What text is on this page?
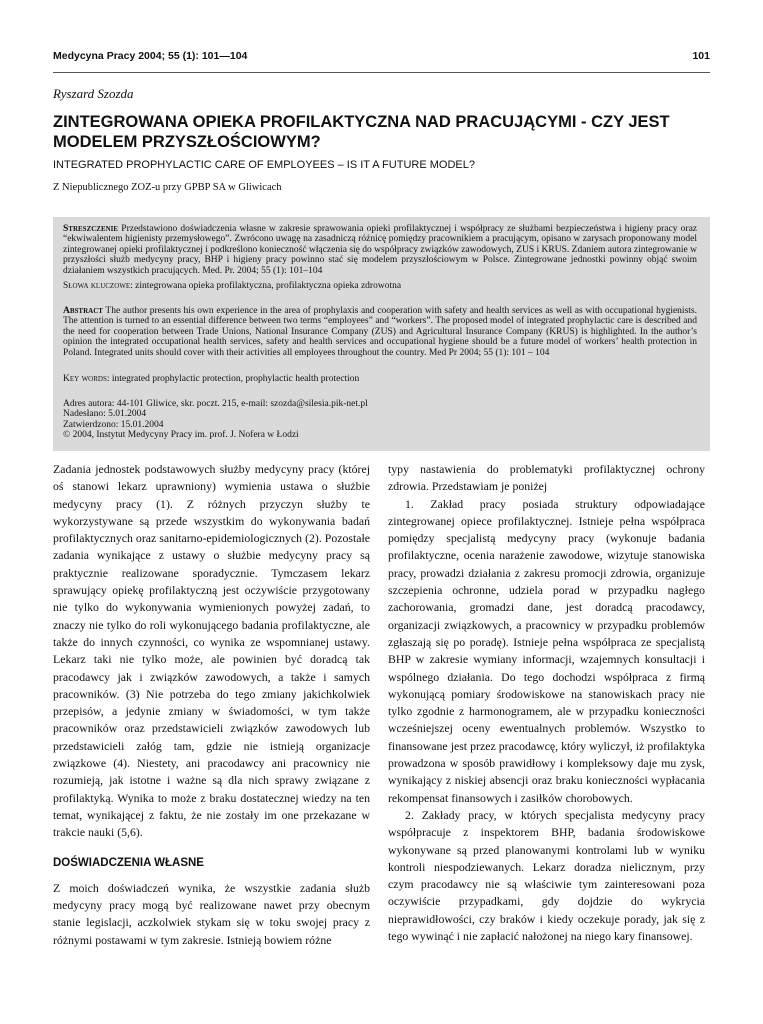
Medycyna Pracy 2004; 55 (1): 101—104	101
Ryszard Szozda
ZINTEGROWANA OPIEKA PROFILAKTYCZNA NAD PRACUJĄCYMI - CZY JEST MODELEM PRZYSZŁOŚCIOWYM?
INTEGRATED PROPHYLACTIC CARE OF EMPLOYEES – IS IT A FUTURE MODEL?
Z Niepublicznego ZOZ-u przy GPBP SA w Gliwicach

Streszczenie Przedstawiono doświadczenia własne w zakresie sprawowania opieki profilaktycznej i współpracy ze służbami bezpieczeństwa i higieny pracy oraz “ekwiwalentem higienisty przemysłowego”. Zwrócono uwagę na zasadniczą różnicę pomiędzy pracownikiem a pracującym, opisano w zarysach proponowany model zintegrowanej opieki profilaktycznej i podkreślono konieczność włączenia się do współpracy związków zawodowych, ZUS i KRUS. Zdaniem autora zintegrowanie w przyszłości służb medycyny pracy, BHP i higieny pracy powinno stać się modelem przyszłościowym w Polsce. Zintegrowane jednostki powinny objąć swoim działaniem wszystkich pracujących. Med. Pr. 2004; 55 (1): 101–104

Słowa kluczowe: zintegrowana opieka profilaktyczna, profilaktyczna opieka zdrowotna

Abstract The author presents his own experience in the area of prophylaxis and cooperation with safety and health services as well as with occupational hygienists. The attention is turned to an essential difference between two terms “employees” and “workers”. The proposed model of integrated prophylactic care is described and the need for cooperation between Trade Unions, National Insurance Company (ZUS) and Agricultural Insurance Company (KRUS) is highlighted. In the author’s opinion the integrated occupational health services, safety and health services and occupational hygiene should be a future model of workers’ health protection in Poland. Integrated units should cover with their activities all employees throughout the country. Med Pr 2004; 55 (1): 101 – 104

Key words: integrated prophylactic protection, prophylactic health protection

Adres autora: 44-101 Gliwice, skr. poczt. 215, e-mail: szozda@silesia.pik-net.pl
Nadesłano: 5.01.2004
Zatwierdzono: 15.01.2004
© 2004, Instytut Medycyny Pracy im. prof. J. Nofera w Łodzi

Zadania jednostek podstawowych służby medycyny pracy (której oś stanowi lekarz uprawniony) wymienia ustawa o służbie medycyny pracy (1). Z różnych przyczyn służby te wykorzystywane są przede wszystkim do wykonywania badań profilaktycznych oraz sanitarno-epidemiologicznych (2). Pozostałe zadania wynikające z ustawy o służbie medycyny pracy są praktycznie realizowane sporadycznie. Tymczasem lekarz sprawujący opiekę profilaktyczną jest oczywiście przygotowany nie tylko do wykonywania wymienionych powyżej zadań, to znaczy nie tylko do roli wykonującego badania profilaktyczne, ale także do innych czynności, co wynika ze wspomnianej ustawy. Lekarz taki nie tylko może, ale powinien być doradcą tak pracodawcy jak i związków zawodowych, a także i samych pracowników. (3) Nie potrzeba do tego zmiany jakichkolwiek przepisów, a jedynie zmiany w świadomości, w tym także pracowników oraz przedstawicieli związków zawodowych lub przedstawicieli załóg tam, gdzie nie istnieją organizacje związkowe (4). Niestety, ani pracodawcy ani pracownicy nie rozumieją, jak istotne i ważne są dla nich sprawy związane z profilaktyką. Wynika to może z braku dostatecznej wiedzy na ten temat, wynikającej z faktu, że nie zostały im one przekazane w trakcie nauki (5,6).

DOŚWIADCZENIA WŁASNE

Z moich doświadczeń wynika, że wszystkie zadania służb medycyny pracy mogą być realizowane nawet przy obecnym stanie legislacji, aczkolwiek stykam się w toku swojej pracy z różnymi postawami w tym zakresie. Istnieją bowiem różne

typy nastawienia do problematyki profilaktycznej ochrony zdrowia. Przedstawiam je poniżej

1. Zakład pracy posiada struktury odpowiadające zintegrowanej opiece profilaktycznej. Istnieje pełna współpraca pomiędzy specjalistą medycyny pracy (wykonuje badania profilaktyczne, ocenia narażenie zawodowe, wizytuje stanowiska pracy, prowadzi działania z zakresu promocji zdrowia, organizuje szczepienia ochronne, udziela porad w przypadku nagłego zachorowania, gromadzi dane, jest doradcą pracodawcy, organizacji związkowych, a pracownicy w przypadku problemów zgłaszają się po poradę). Istnieje pełna współpraca ze specjalistą BHP w zakresie wymiany informacji, wzajemnych konsultacji i wspólnego działania. Do tego dochodzi współpraca z firmą wykonującą pomiary środowiskowe na stanowiskach pracy nie tylko zgodnie z harmonogramem, ale w przypadku konieczności wcześniejszej oceny ewentualnych problemów. Wszystko to finansowane jest przez pracodawcę, który wyliczył, iż profilaktyka prowadzona w sposób prawidłowy i kompleksowy daje mu zysk, wynikający z niskiej absencji oraz braku konieczności wypłacania rekompensat finansowych i zasiłków chorobowych.

2. Zakłady pracy, w których specjalista medycyny pracy współpracuje z inspektorem BHP, badania środowiskowe wykonywane są przed planowanymi kontrolami lub w wyniku kontroli niespodziewanych. Lekarz doradza nielicznym, przy czym pracodawcy nie są właściwie tym zainteresowani poza oczywiście przypadkami, gdy dojdzie do wykrycia nieprawidłowości, czy braków i kiedy oczekuje porady, jak się z tego wywinąć i nie zapłacić nałożonej na niego kary finansowej.
